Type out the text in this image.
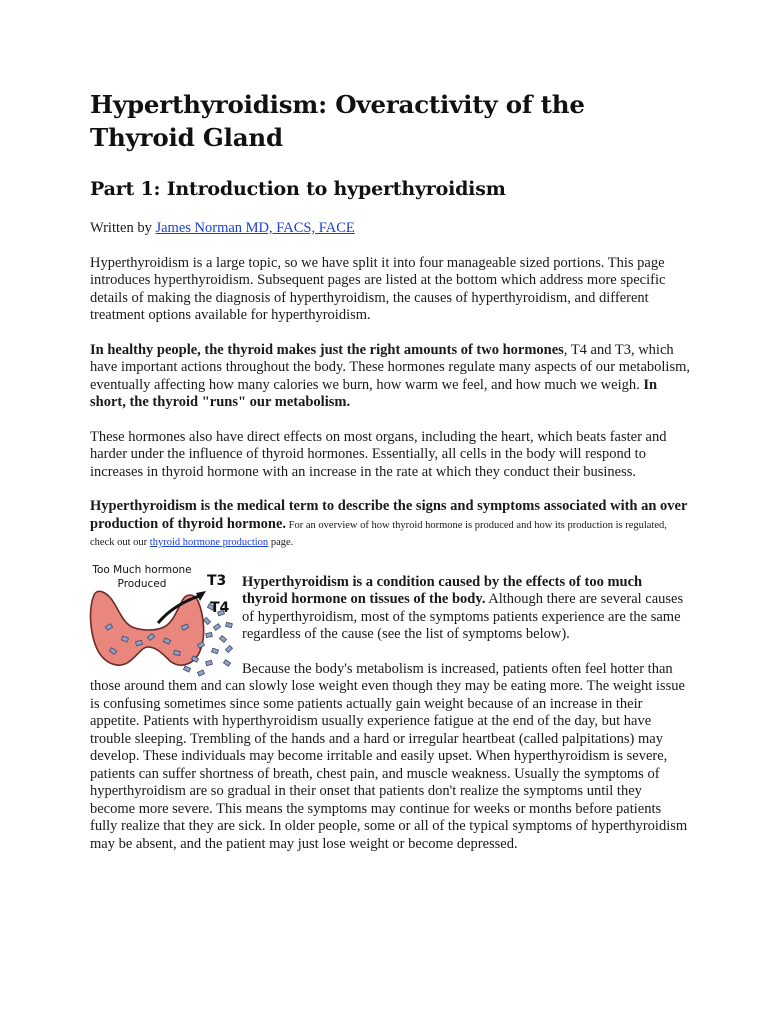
Hyperthyroidism: Overactivity of the Thyroid Gland
Part 1: Introduction to hyperthyroidism

Written by James Norman MD, FACS, FACE

Hyperthyroidism is a large topic, so we have split it into four manageable sized portions. This page introduces hyperthyroidism. Subsequent pages are listed at the bottom which address more specific details of making the diagnosis of hyperthyroidism, the causes of hyperthyroidism, and different treatment options available for hyperthyroidism.

In healthy people, the thyroid makes just the right amounts of two hormones, T4 and T3, which have important actions throughout the body. These hormones regulate many aspects of our metabolism, eventually affecting how many calories we burn, how warm we feel, and how much we weigh. In short, the thyroid "runs" our metabolism.

These hormones also have direct effects on most organs, including the heart, which beats faster and harder under the influence of thyroid hormones. Essentially, all cells in the body will respond to increases in thyroid hormone with an increase in the rate at which they conduct their business.

Hyperthyroidism is the medical term to describe the signs and symptoms associated with an over production of thyroid hormone. For an overview of how thyroid hormone is produced and how its production is regulated, check out our thyroid hormone production page.

Too Much hormone
Produced	T3
T4

Hyperthyroidism is a condition caused by the effects of too much thyroid hormone on tissues of the body. Although there are several causes of hyperthyroidism, most of the symptoms patients experience are the same regardless of the cause (see the list of symptoms below).

Because the body's metabolism is increased, patients often feel hotter than those around them and can slowly lose weight even though they may be eating more. The weight issue is confusing sometimes since some patients actually gain weight because of an increase in their appetite. Patients with hyperthyroidism usually experience fatigue at the end of the day, but have trouble sleeping. Trembling of the hands and a hard or irregular heartbeat (called palpitations) may develop. These individuals may become irritable and easily upset. When hyperthyroidism is severe, patients can suffer shortness of breath, chest pain, and muscle weakness. Usually the symptoms of hyperthyroidism are so gradual in their onset that patients don't realize the symptoms until they become more severe. This means the symptoms may continue for weeks or months before patients fully realize that they are sick. In older people, some or all of the typical symptoms of hyperthyroidism may be absent, and the patient may just lose weight or become depressed.
